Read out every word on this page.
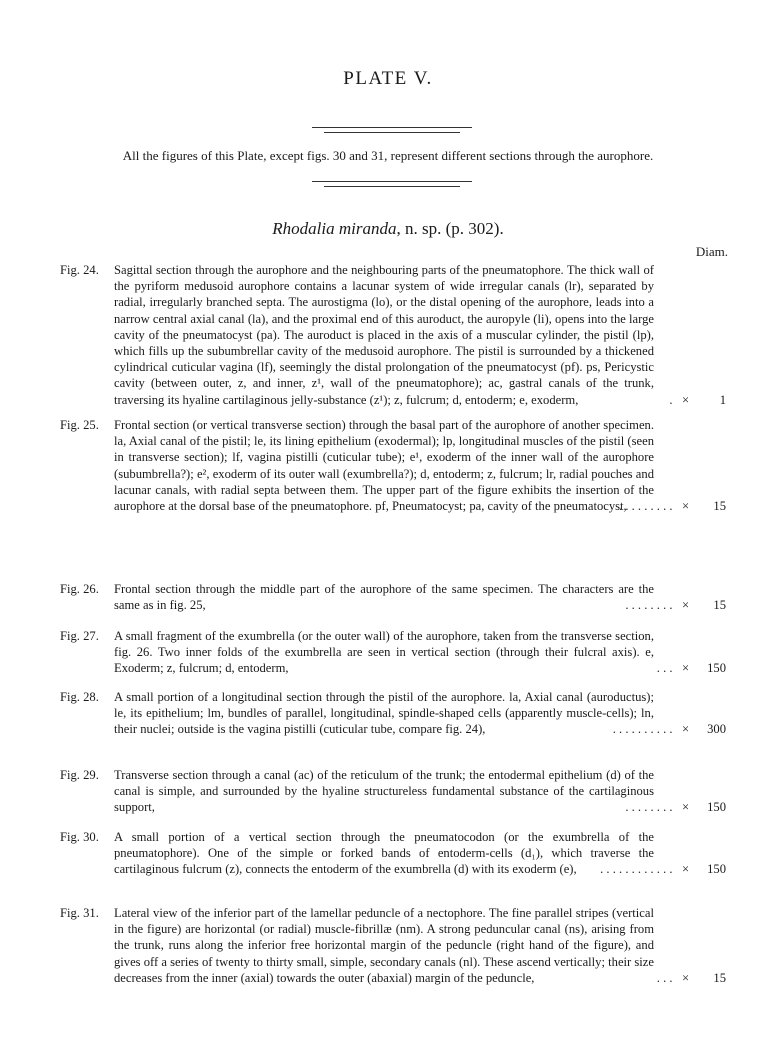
PLATE V.
All the figures of this Plate, except figs. 30 and 31, represent different sections through the aurophore.
Rhodalia miranda, n. sp. (p. 302).
Diam.
Fig. 24. Sagittal section through the aurophore and the neighbouring parts of the pneumatophore. The thick wall of the pyriform medusoid aurophore contains a lacunar system of wide irregular canals (lr), separated by radial, irregularly branched septa. The aurostigma (lo), or the distal opening of the aurophore, leads into a narrow central axial canal (la), and the proximal end of this auroduct, the auropyle (li), opens into the large cavity of the pneumatocyst (pa). The auroduct is placed in the axis of a muscular cylinder, the pistil (lp), which fills up the subumbrellar cavity of the medusoid aurophore. The pistil is surrounded by a thickened cylindrical cuticular vagina (lf), seemingly the distal prolongation of the pneumatocyst (pf). ps, Pericystic cavity (between outer, z, and inner, z¹, wall of the pneumatophore); ac, gastral canals of the trunk, traversing its hyaline cartilaginous jelly-substance (z¹); z, fulcrum; d, entoderm; e, exoderm,	. × 1
Fig. 25. Frontal section (or vertical transverse section) through the basal part of the aurophore of another specimen. la, Axial canal of the pistil; le, its lining epithelium (exodermal); lp, longitudinal muscles of the pistil (seen in transverse section); lf, vagina pistilli (cuticular tube); e¹, exoderm of the inner wall of the aurophore (subumbrella?); e², exoderm of its outer wall (exumbrella?); d, entoderm; z, fulcrum; lr, radial pouches and lacunar canals, with radial septa between them. The upper part of the figure exhibits the insertion of the aurophore at the dorsal base of the pneumatophore. pf, Pneumatocyst; pa, cavity of the pneumatocyst,
. . . . . . . . . × 15
Fig. 26. Frontal section through the middle part of the aurophore of the same specimen. The characters are the same as in fig. 25,	. . . . . . . . × 15
Fig. 27. A small fragment of the exumbrella (or the outer wall) of the aurophore, taken from the transverse section, fig. 26. Two inner folds of the exumbrella are seen in vertical section (through their fulcral axis). e, Exoderm; z, fulcrum; d, entoderm,	. . . × 150
Fig. 28. A small portion of a longitudinal section through the pistil of the aurophore. la, Axial canal (auroductus); le, its epithelium; lm, bundles of parallel, longitudinal, spindle-shaped cells (apparently muscle-cells); ln, their nuclei; outside is the vagina pistilli (cuticular tube, compare fig. 24),	. . . . . . . . . . × 300
Fig. 29. Transverse section through a canal (ac) of the reticulum of the trunk; the entodermal epithelium (d) of the canal is simple, and surrounded by the hyaline structureless fundamental substance of the cartilaginous support,	. . . . . . . . × 150
Fig. 30. A small portion of a vertical section through the pneumatocodon (or the exumbrella of the pneumatophore). One of the simple or forked bands of entoderm-cells (d₁), which traverse the cartilaginous fulcrum (z), connects the entoderm of the exumbrella (d) with its exoderm (e),	. . . . . . . . . . . . × 150
Fig. 31. Lateral view of the inferior part of the lamellar peduncle of a nectophore. The fine parallel stripes (vertical in the figure) are horizontal (or radial) muscle-fibrillæ (nm). A strong peduncular canal (ns), arising from the trunk, runs along the inferior free horizontal margin of the peduncle (right hand of the figure), and gives off a series of twenty to thirty small, simple, secondary canals (nl). These ascend vertically; their size decreases from the inner (axial) towards the outer (abaxial) margin of the peduncle,	. . . × 15
